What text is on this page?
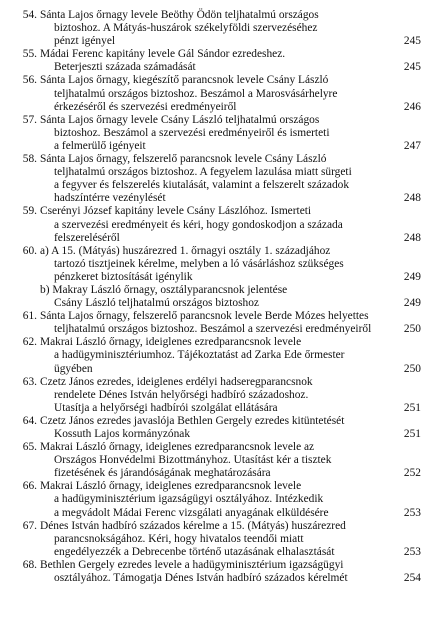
54. Sánta Lajos őrnagy levele Beöthy Ödön teljhatalmú országos
biztoshoz. A Mátyás-huszárok székelyföldi szervezéséhez
pénzt igényel	245
55. Mádai Ferenc kapitány levele Gál Sándor ezredeshez.
Beterjeszti százada számadását	245
56. Sánta Lajos őrnagy, kiegészítő parancsnok levele Csány László
teljhatalmú országos biztoshoz. Beszámol a Marosvásárhelyre
érkezéséről és szervezési eredményeiről	246
57. Sánta Lajos őrnagy levele Csány László teljhatalmú országos
biztoshoz. Beszámol a szervezési eredményeiről és ismerteti
a felmerülő igényeit	247
58. Sánta Lajos őrnagy, felszerelő parancsnok levele Csány László
teljhatalmú országos biztoshoz. A fegyelem lazulása miatt sürgeti
a fegyver és felszerelés kiutalását, valamint a felszerelt századok
hadszíntérre vezénylését	248
59. Cserényi József kapitány levele Csány Lászlóhoz. Ismerteti
a szervezési eredményeit és kéri, hogy gondoskodjon a százada
felszereléséről	248
60. a) A 15. (Mátyás) huszárezred 1. őrnagyi osztály 1. századjához
tartozó tisztjeinek kérelme, melyben a ló vásárláshoz szükséges
pénzkeret biztosítását igénylik	249
b) Makray László őrnagy, osztályparancsnok jelentése
Csány László teljhatalmú országos biztoshoz	249
61. Sánta Lajos őrnagy, felszerelő parancsnok levele Berde Mózes helyettes
teljhatalmú országos biztoshoz. Beszámol a szervezési eredményeiről	250
62. Makrai László őrnagy, ideiglenes ezredparancsnok levele
a hadügyminisztériumhoz. Tájékoztatást ad Zarka Ede őrmester
ügyében	250
63. Czetz János ezredes, ideiglenes erdélyi hadseregparancsnok
rendelete Dénes István helyőrségi hadbíró századoshoz.
Utasítja a helyőrségi hadbírói szolgálat ellátására	251
64. Czetz János ezredes javaslója Bethlen Gergely ezredes kitüntetését
Kossuth Lajos kormányzónak	251
65. Makrai László őrnagy, ideiglenes ezredparancsnok levele az
Országos Honvédelmi Bizottmányhoz. Utasítást kér a tisztek
fizetésének és járandóságának meghatározására	252
66. Makrai László őrnagy, ideiglenes ezredparancsnok levele
a hadügyminisztérium igazságügyi osztályához. Intézkedik
a megvádolt Mádai Ferenc vizsgálati anyagának elküldésére	253
67. Dénes István hadbíró százados kérelme a 15. (Mátyás) huszárezred
parancsnokságához. Kéri, hogy hivatalos teendői miatt
engedélyezzék a Debrecenbe történő utazásának elhalasztását	253
68. Bethlen Gergely ezredes levele a hadügyminisztérium igazságügyi
osztályához. Támogatja Dénes István hadbíró százados kérelmét	254
